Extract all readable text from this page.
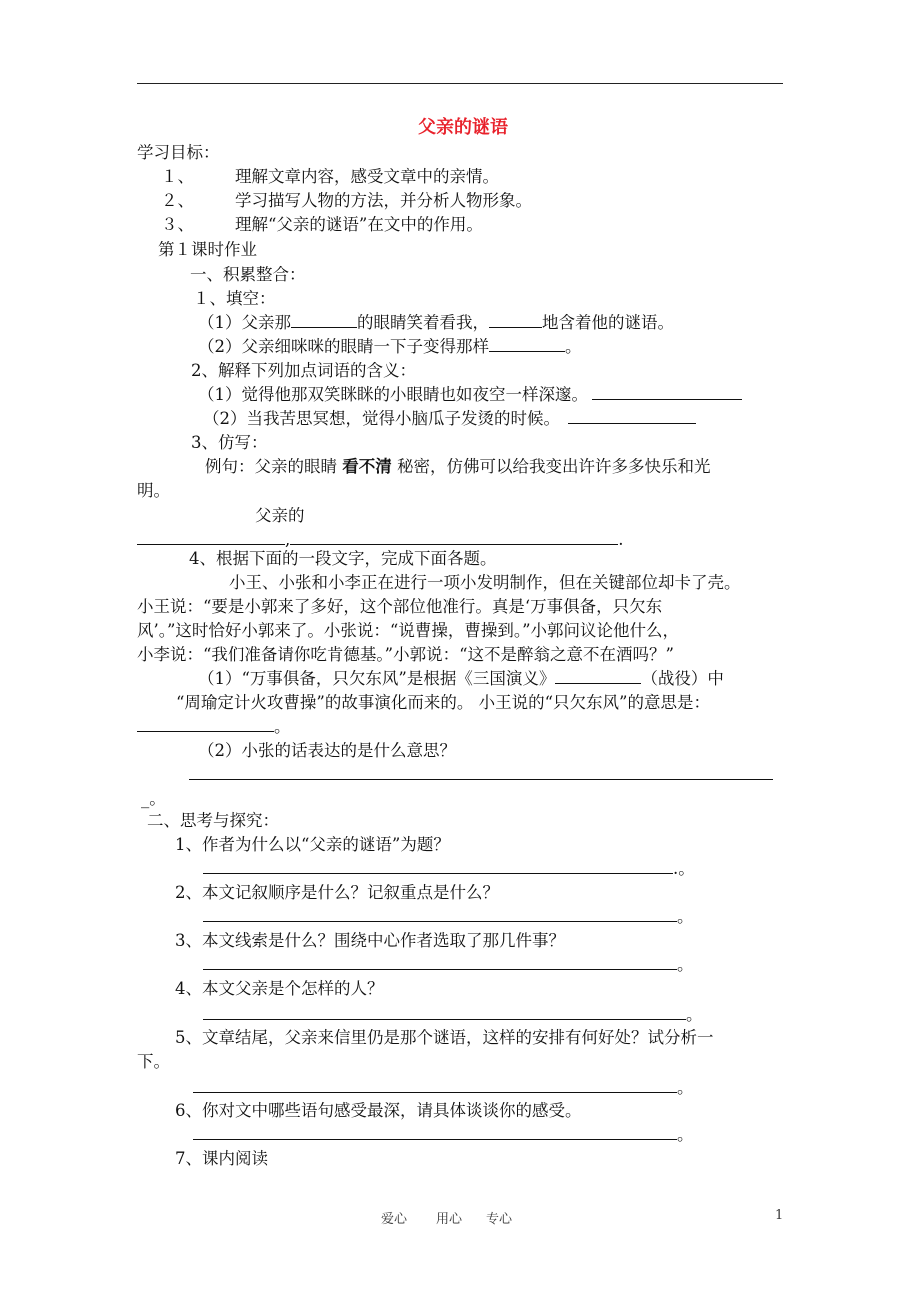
父亲的谜语
学习目标：
１、 理解文章内容，感受文章中的亲情。
２、 学习描写人物的方法，并分析人物形象。
３、 理解“父亲的谜语”在文中的作用。
第１课时作业
一、积累整合：
１、填空：
（1）父亲那	的眼睛笑着看我，	地含着他的谜语。
（2）父亲细咪咪的眼睛一下子变得那样	。
2、解释下列加点词语的含义：
（1）觉得他那双笑眯眯的小眼睛也如夜空一样深邃。
（2）当我苦思冥想，觉得小脑瓜子发烫的时候。
3、仿写：
例句：父亲的眼睛 看不清 秘密，仿佛可以给我变出许许多多快乐和光
明。
父亲的
,	.
4、根据下面的一段文字，完成下面各题。
小王、小张和小李正在进行一项小发明制作，但在关键部位却卡了壳。
小王说：“要是小郭来了多好，这个部位他准行。真是‘万事俱备，只欠东
风’。”这时恰好小郭来了。小张说：“说曹操，曹操到。”小郭问议论他什么，
小李说：“我们准备请你吃肯德基。”小郭说：“这不是醉翁之意不在酒吗？”
（1）“万事俱备，只欠东风”是根据《三国演义》	（战役）中
“周瑜定计火攻曹操”的故事演化而来的。 小王说的“只欠东风”的意思是：
。
（2）小张的话表达的是什么意思？
_。
二、思考与探究：
1、作者为什么以“父亲的谜语”为题？
.。
2、本文记叙顺序是什么？记叙重点是什么？
。
3、本文线索是什么？围绕中心作者选取了那几件事？
。
4、本文父亲是个怎样的人？
。
5、文章结尾，父亲来信里仍是那个谜语，这样的安排有何好处？试分析一
下。
。
6、你对文中哪些语句感受最深，请具体谈谈你的感受。
。
7、课内阅读
爱心 用心 专心	1
